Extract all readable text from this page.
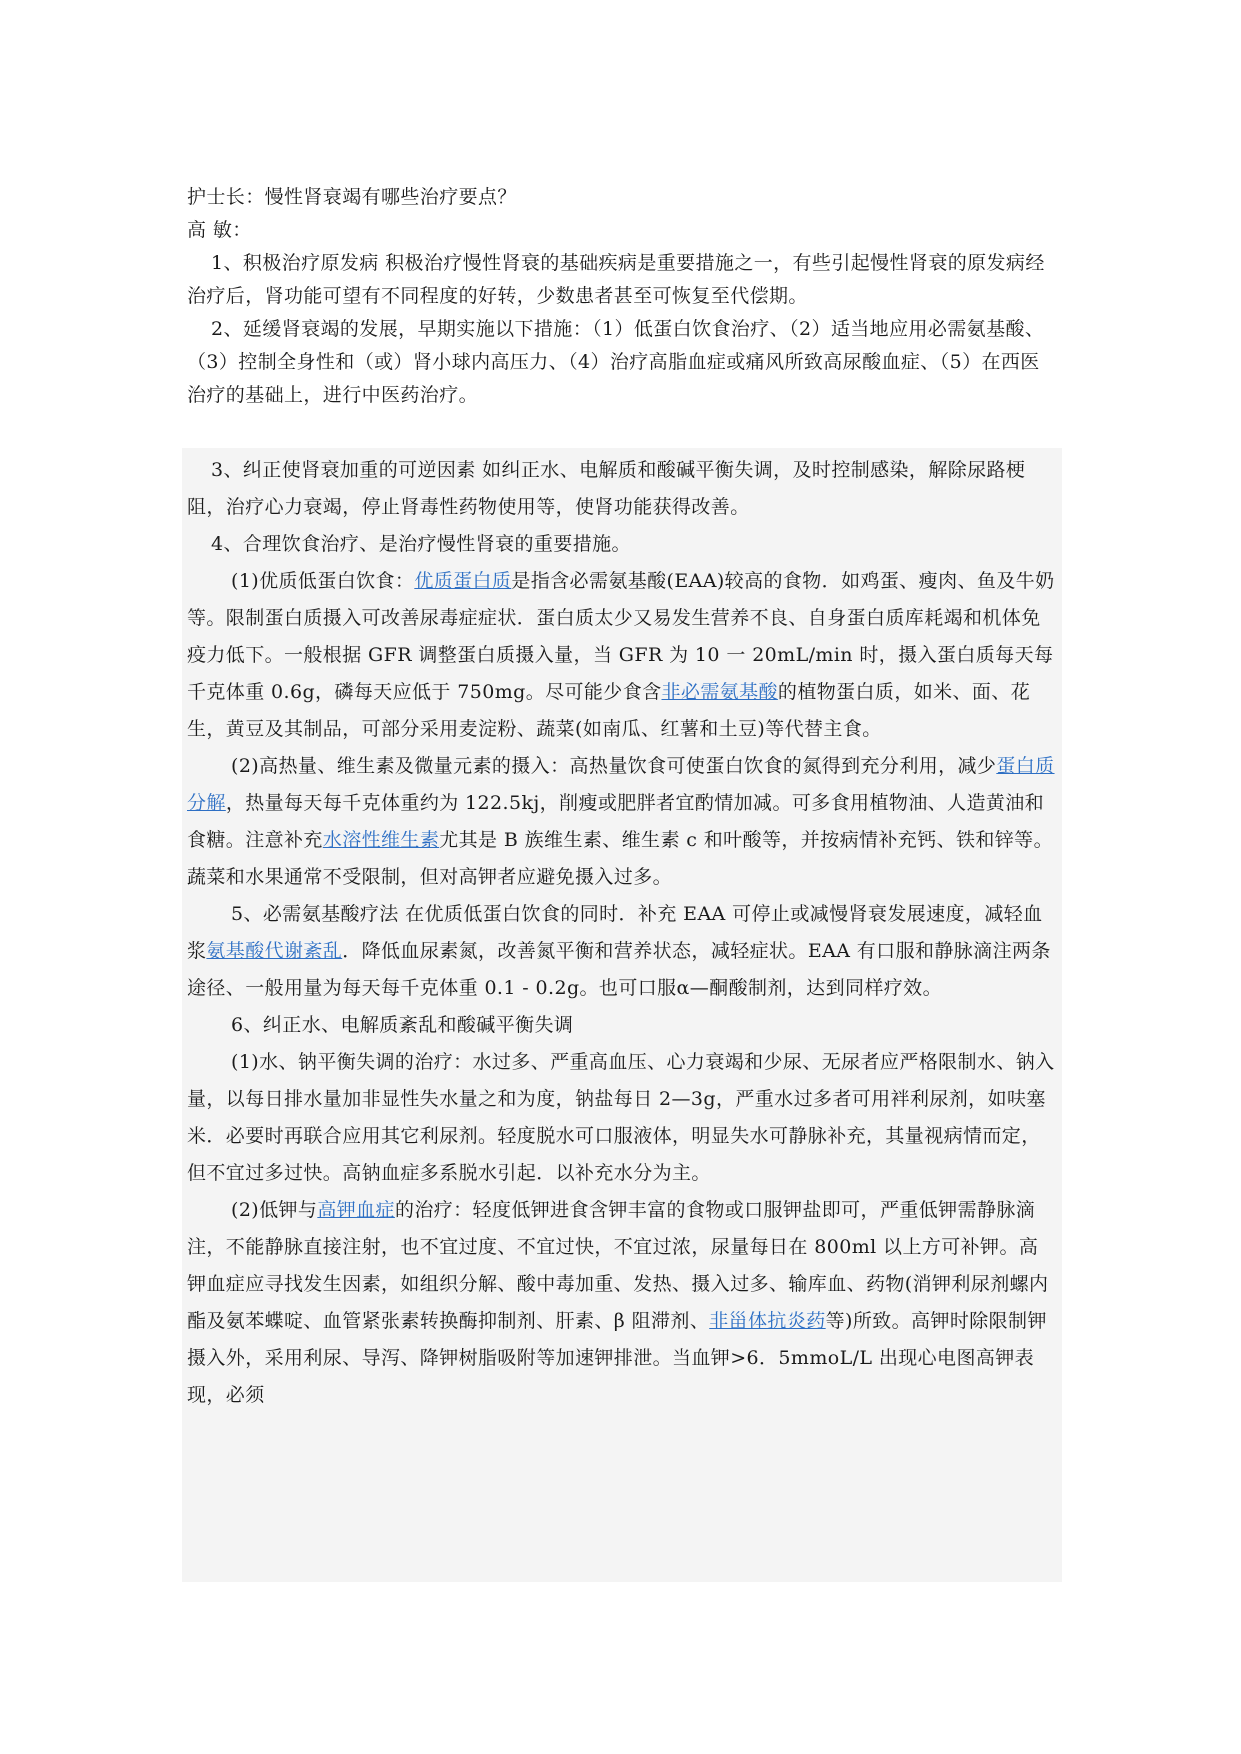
护士长：慢性肾衰竭有哪些治疗要点？

高 敏：

1、积极治疗原发病 积极治疗慢性肾衰的基础疾病是重要措施之一，有些引起慢性肾衰的原发病经治疗后，肾功能可望有不同程度的好转，少数患者甚至可恢复至代偿期。

2、延缓肾衰竭的发展，早期实施以下措施：（1）低蛋白饮食治疗、（2）适当地应用必需氨基酸、（3）控制全身性和（或）肾小球内高压力、（4）治疗高脂血症或痛风所致高尿酸血症、（5）在西医治疗的基础上，进行中医药治疗。

3、纠正使肾衰加重的可逆因素 如纠正水、电解质和酸碱平衡失调，及时控制感染，解除尿路梗阻，治疗心力衰竭，停止肾毒性药物使用等，使肾功能获得改善。

4、合理饮食治疗、是治疗慢性肾衰的重要措施。

(1)优质低蛋白饮食：优质蛋白质是指含必需氨基酸(EAA)较高的食物．如鸡蛋、瘦肉、鱼及牛奶等。限制蛋白质摄入可改善尿毒症症状．蛋白质太少又易发生营养不良、自身蛋白质库耗竭和机体免疫力低下。一般根据 GFR 调整蛋白质摄入量，当 GFR 为 10 一 20mL/min 时，摄入蛋白质每天每千克体重 0.6g，磷每天应低于 750mg。尽可能少食含非必需氨基酸的植物蛋白质，如米、面、花生，黄豆及其制品，可部分采用麦淀粉、蔬菜(如南瓜、红薯和土豆)等代替主食。

(2)高热量、维生素及微量元素的摄入：高热量饮食可使蛋白饮食的氮得到充分利用，减少蛋白质分解，热量每天每千克体重约为 122.5kj，削瘦或肥胖者宜酌情加减。可多食用植物油、人造黄油和食糖。注意补充水溶性维生素尤其是 B 族维生素、维生素 c 和叶酸等，并按病情补充钙、铁和锌等。蔬菜和水果通常不受限制，但对高钾者应避免摄入过多。

5、必需氨基酸疗法 在优质低蛋白饮食的同时．补充 EAA 可停止或减慢肾衰发展速度，减轻血浆氨基酸代谢紊乱．降低血尿素氮，改善氮平衡和营养状态，减轻症状。EAA 有口服和静脉滴注两条途径、一般用量为每天每千克体重 0.1 - 0.2g。也可口服α—酮酸制剂，达到同样疗效。

6、纠正水、电解质紊乱和酸碱平衡失调

(1)水、钠平衡失调的治疗：水过多、严重高血压、心力衰竭和少尿、无尿者应严格限制水、钠入量，以每日排水量加非显性失水量之和为度，钠盐每日 2—3g，严重水过多者可用袢利尿剂，如呋塞米．必要时再联合应用其它利尿剂。轻度脱水可口服液体，明显失水可静脉补充，其量视病情而定，但不宜过多过快。高钠血症多系脱水引起．以补充水分为主。

(2)低钾与高钾血症的治疗：轻度低钾进食含钾丰富的食物或口服钾盐即可，严重低钾需静脉滴注，不能静脉直接注射，也不宜过度、不宜过快，不宜过浓，尿量每日在 800ml 以上方可补钾。高钾血症应寻找发生因素，如组织分解、酸中毒加重、发热、摄入过多、输库血、药物(消钾利尿剂螺内酯及氨苯蝶啶、血管紧张素转换酶抑制剂、肝素、β 阻滞剂、非甾体抗炎药等)所致。高钾时除限制钾摄入外，采用利尿、导泻、降钾树脂吸附等加速钾排泄。当血钾>6．5mmoL/L 出现心电图高钾表现，必须
